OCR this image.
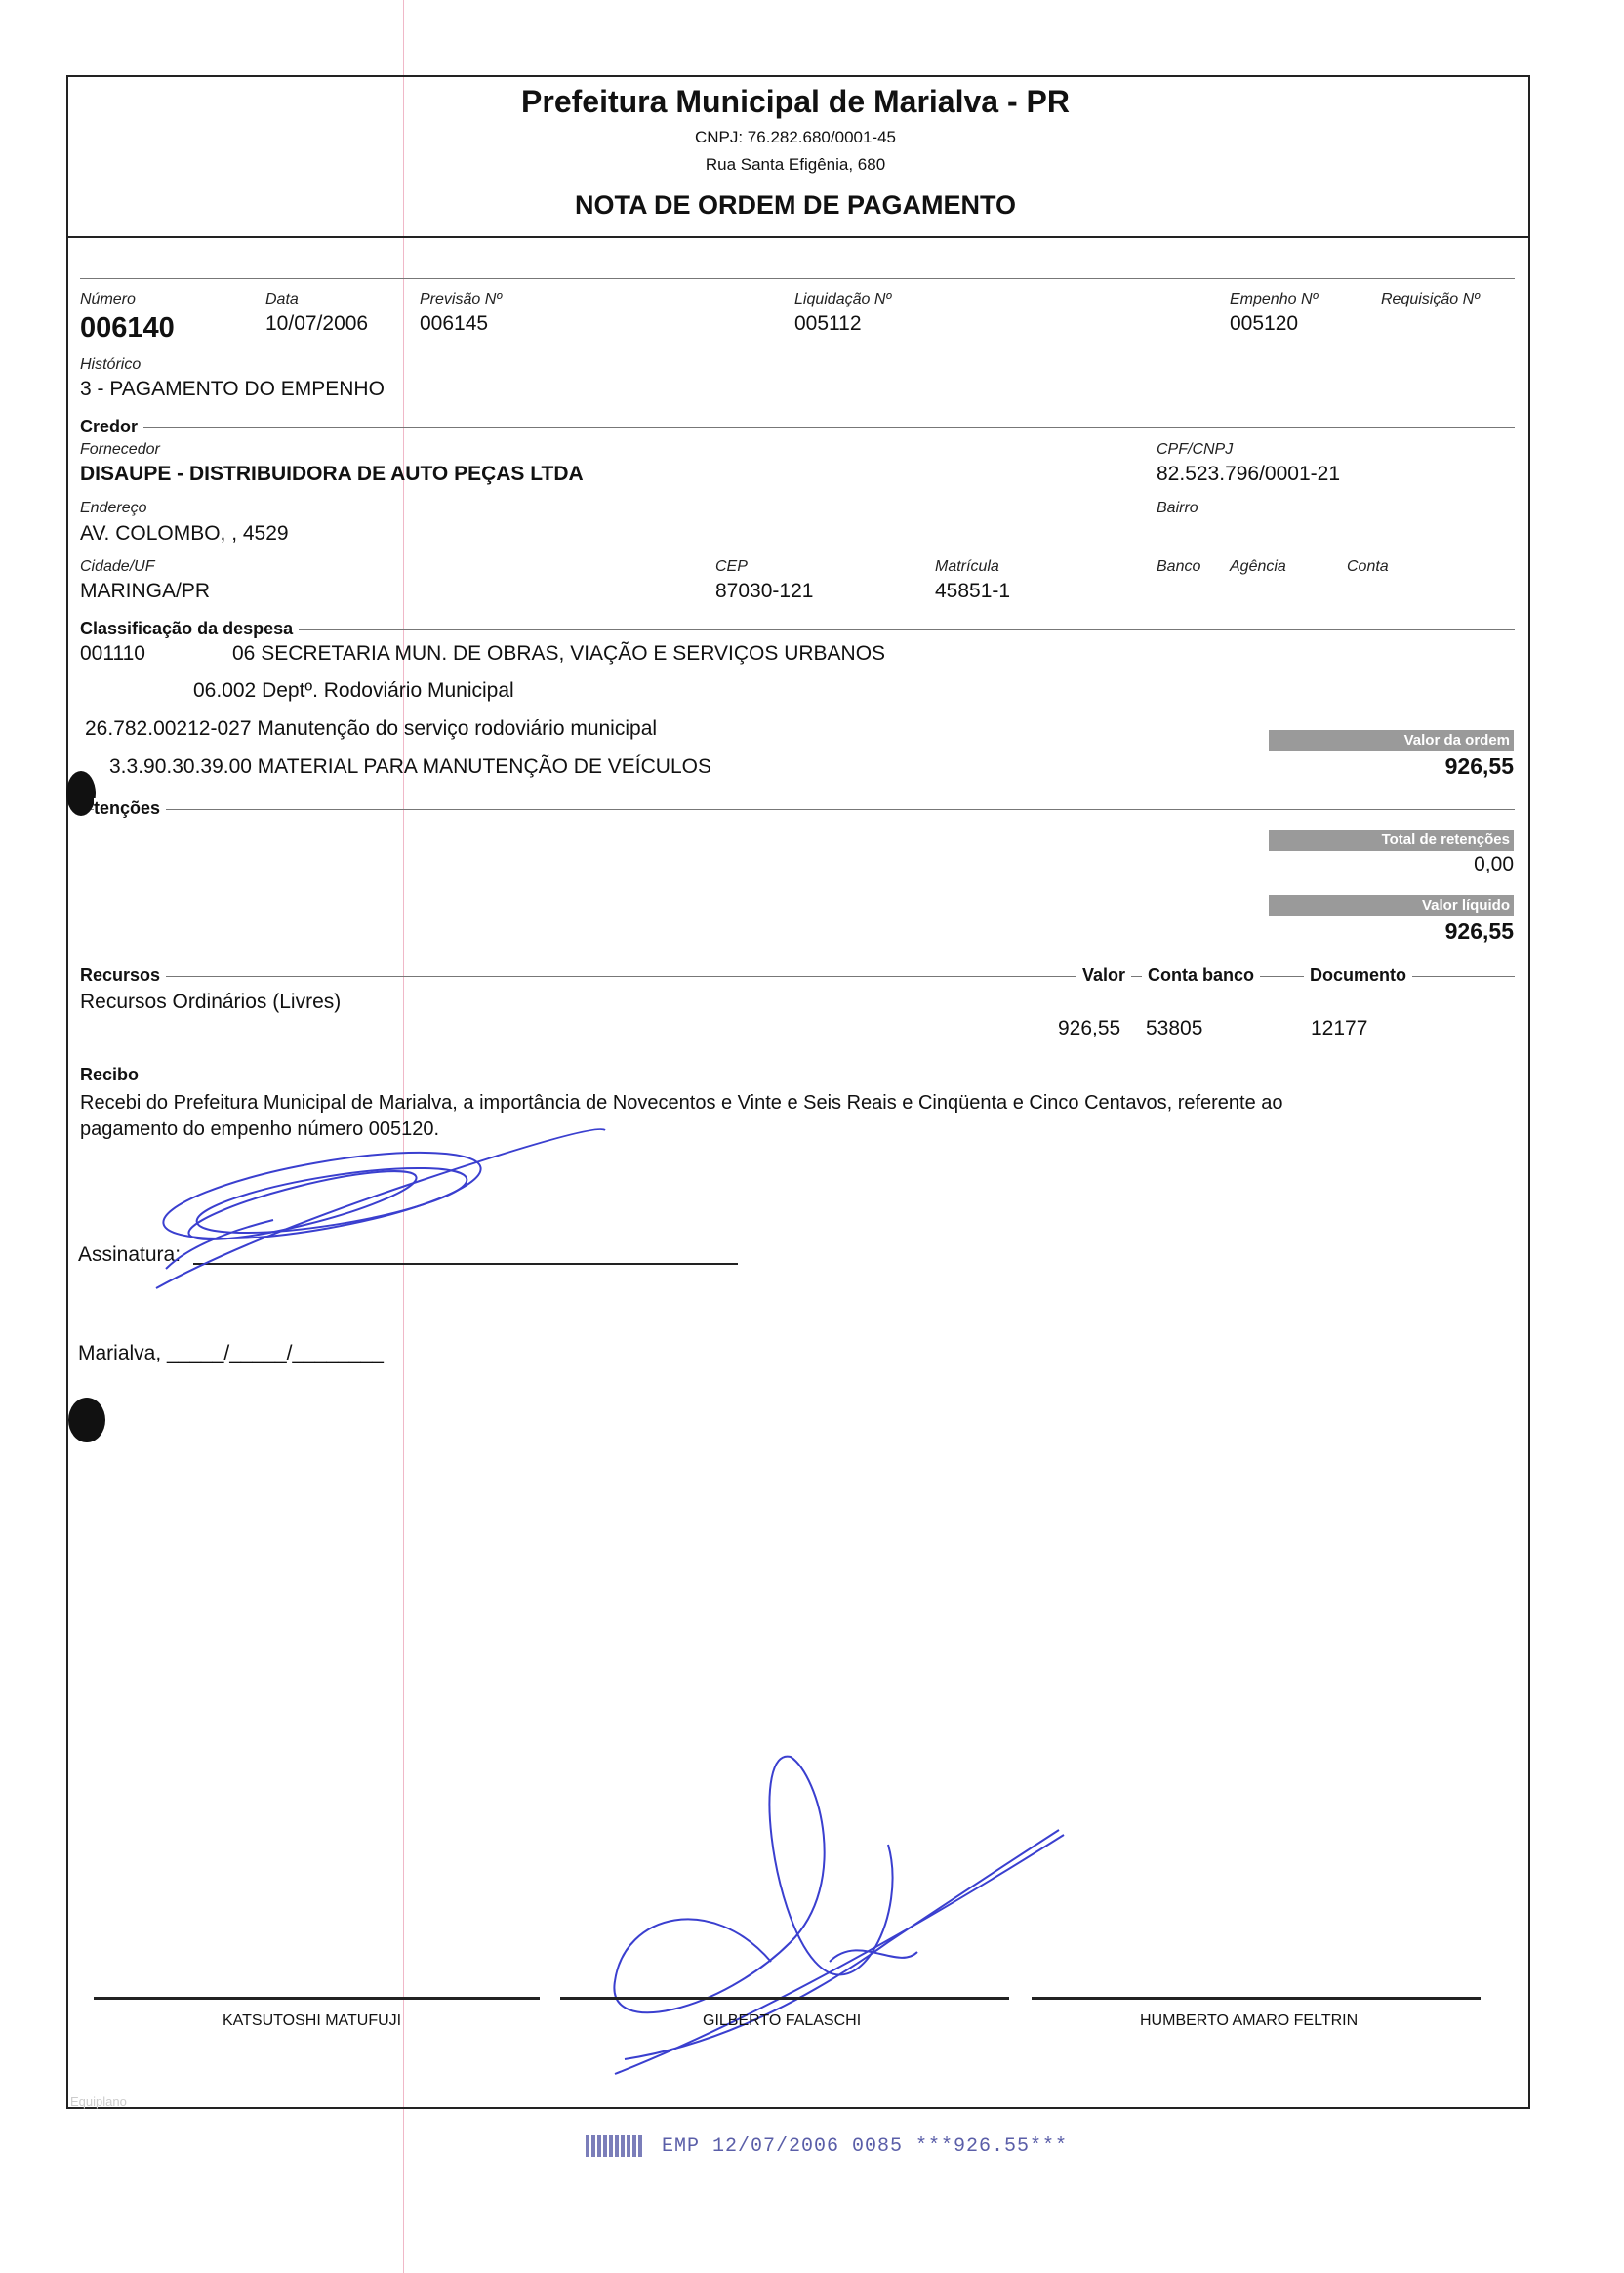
Prefeitura Municipal de Marialva - PR
CNPJ: 76.282.680/0001-45
Rua Santa Efigênia, 680
NOTA DE ORDEM DE PAGAMENTO
Número
006140
Data
10/07/2006
Previsão Nº
006145
Liquidação Nº
005112
Empenho Nº
005120
Requisição Nº
Histórico
3 - PAGAMENTO DO EMPENHO
Credor
Fornecedor
DISAUPE - DISTRIBUIDORA DE AUTO PEÇAS LTDA
CPF/CNPJ
82.523.796/0001-21
Endereço
AV. COLOMBO, , 4529
Bairro
Cidade/UF
MARINGA/PR
CEP
87030-121
Matrícula
45851-1
Banco Agência	Conta
Classificação da despesa
001110	06 SECRETARIA MUN. DE OBRAS, VIAÇÃO E SERVIÇOS URBANOS
06.002 Deptº. Rodoviário Municipal
26.782.00212-027 Manutenção do serviço rodoviário municipal
3.3.90.30.39.00 MATERIAL PARA MANUTENÇÃO DE VEÍCULOS
Valor da ordem
926,55
tenções
Total de retenções
0,00
Valor líquido
926,55
Recursos	Valor	Conta banco	Documento
Recursos Ordinários (Livres)
926,55 53805	12177
Recibo
Recebi do Prefeitura Municipal de Marialva, a importância de Novecentos e Vinte e Seis Reais e Cinqüenta e Cinco Centavos, referente ao
pagamento do empenho número 005120.
Assinatura:
Marialva, _____/_____/________
KATSUTOSHI MATUFUJI	GILBERTO FALASCHI	HUMBERTO AMARO FELTRIN
Equiplano
EMP 12/07/2006 0085 ***926.55***
